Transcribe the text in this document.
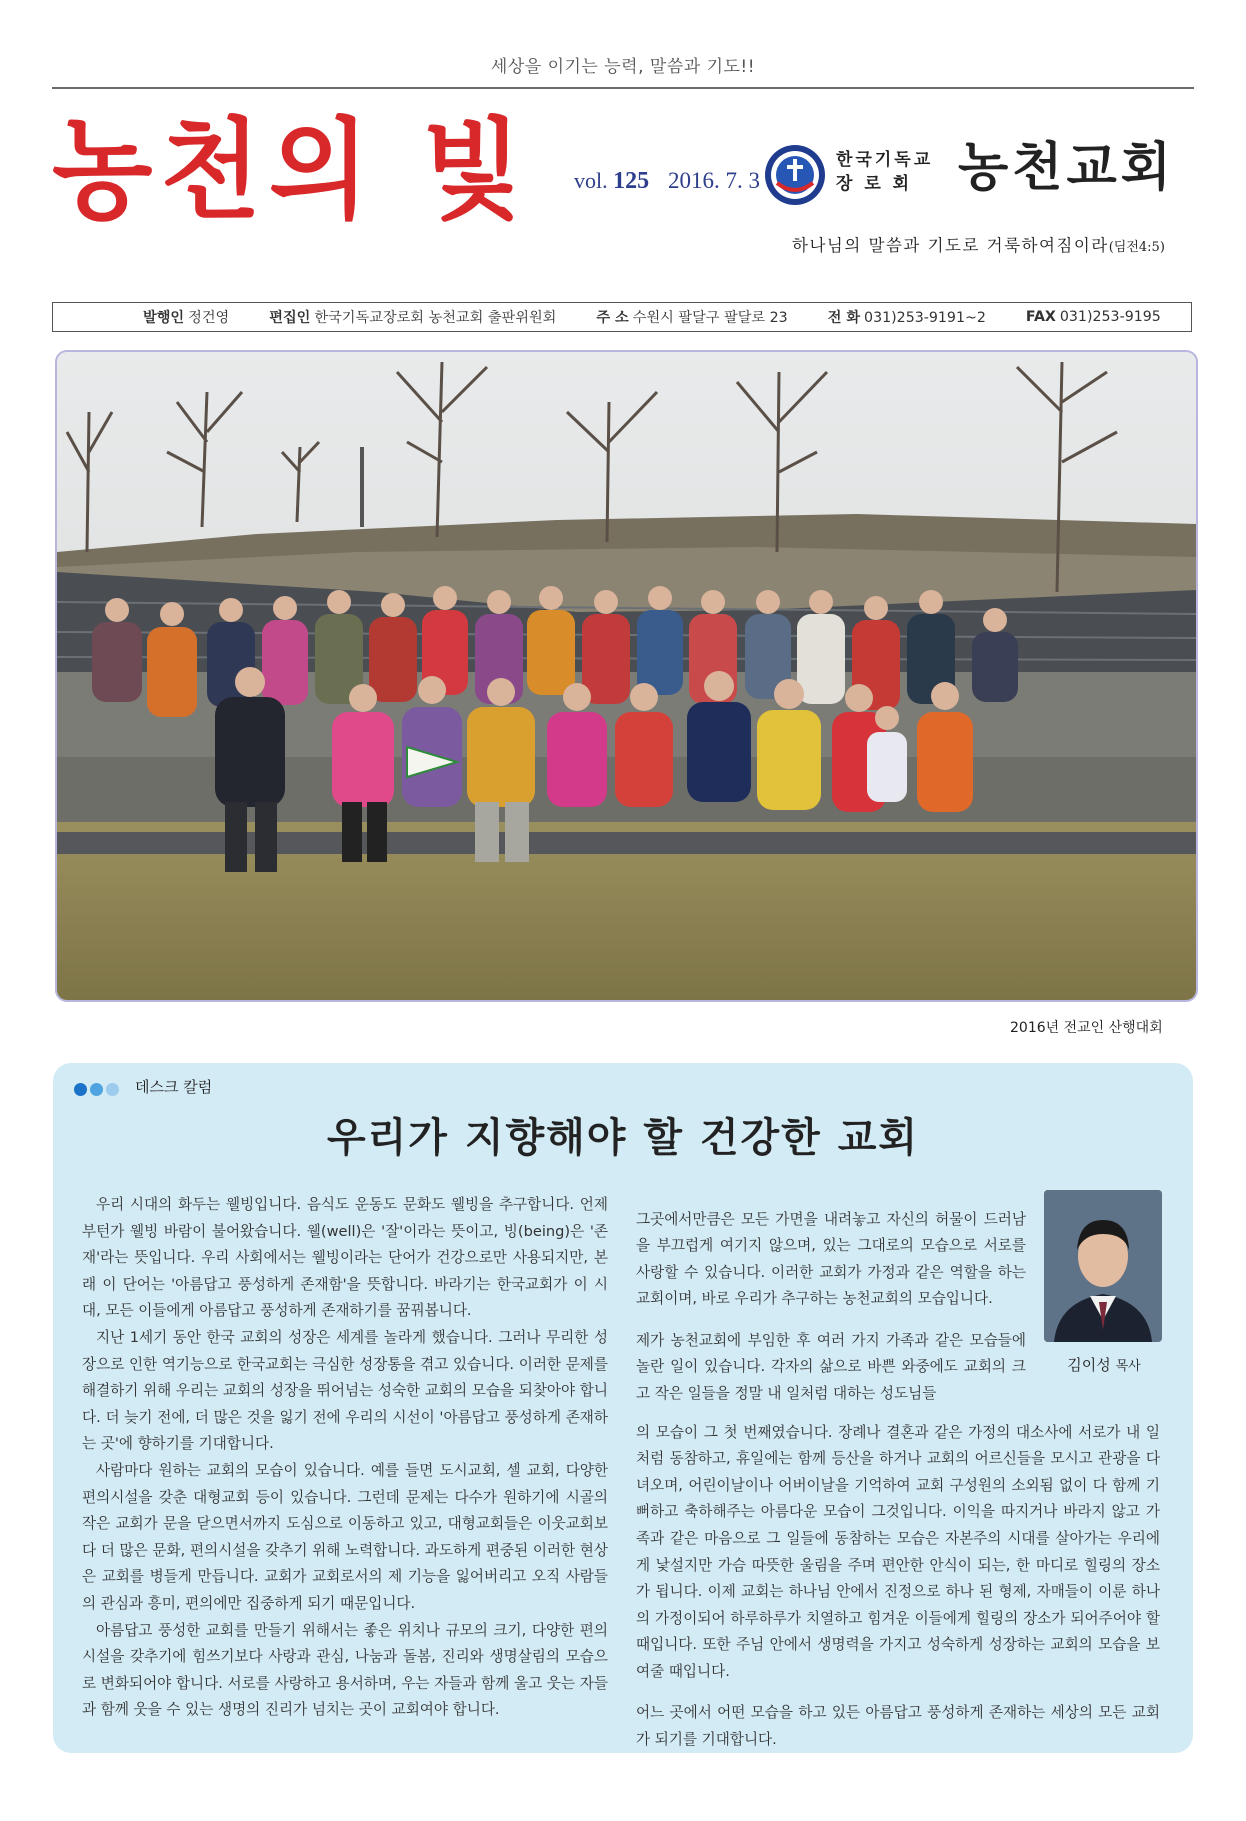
세상을 이기는 능력, 말씀과 기도!!
농천의 빛 vol. 125 2016. 7. 3
한국기독교
장 로 회 농천교회
하나님의 말씀과 기도로 거룩하여짐이라(딤전4:5)
발행인 정건영	편집인 한국기독교장로회 농천교회 출판위원회	주 소 수원시 팔달구 팔달로 23	전 화 031)253-9191~2	FAX 031)253-9195
2016년 전교인 산행대회
데스크 칼럼
우리가 지향해야 할 건강한 교회

우리 시대의 화두는 웰빙입니다. 음식도 운동도 문화도 웰빙을 추구합니다. 언제부턴가 웰빙 바람이 불어왔습니다. 웰(well)은 '잘'이라는 뜻이고, 빙(being)은 '존재'라는 뜻입니다. 우리 사회에서는 웰빙이라는 단어가 건강으로만 사용되지만, 본래 이 단어는 '아름답고 풍성하게 존재함'을 뜻합니다. 바라기는 한국교회가 이 시대, 모든 이들에게 아름답고 풍성하게 존재하기를 꿈꿔봅니다.

지난 1세기 동안 한국 교회의 성장은 세계를 놀라게 했습니다. 그러나 무리한 성장으로 인한 역기능으로 한국교회는 극심한 성장통을 겪고 있습니다. 이러한 문제를 해결하기 위해 우리는 교회의 성장을 뛰어넘는 성숙한 교회의 모습을 되찾아야 합니다. 더 늦기 전에, 더 많은 것을 잃기 전에 우리의 시선이 '아름답고 풍성하게 존재하는 곳'에 향하기를 기대합니다.

사람마다 원하는 교회의 모습이 있습니다. 예를 들면 도시교회, 셀 교회, 다양한 편의시설을 갖춘 대형교회 등이 있습니다. 그런데 문제는 다수가 원하기에 시골의 작은 교회가 문을 닫으면서까지 도심으로 이동하고 있고, 대형교회들은 이웃교회보다 더 많은 문화, 편의시설을 갖추기 위해 노력합니다. 과도하게 편중된 이러한 현상은 교회를 병들게 만듭니다. 교회가 교회로서의 제 기능을 잃어버리고 오직 사람들의 관심과 흥미, 편의에만 집중하게 되기 때문입니다.

아름답고 풍성한 교회를 만들기 위해서는 좋은 위치나 규모의 크기, 다양한 편의시설을 갖추기에 힘쓰기보다 사랑과 관심, 나눔과 돌봄, 진리와 생명살림의 모습으로 변화되어야 합니다. 서로를 사랑하고 용서하며, 우는 자들과 함께 울고 웃는 자들과 함께 웃을 수 있는 생명의 진리가 넘치는 곳이 교회여야 합니다.

그곳에서만큼은 모든 가면을 내려놓고 자신의 허물이 드러남을 부끄럽게 여기지 않으며, 있는 그대로의 모습으로 서로를 사랑할 수 있습니다. 이러한 교회가 가정과 같은 역할을 하는 교회이며, 바로 우리가 추구하는 농천교회의 모습입니다.

제가 농천교회에 부임한 후 여러 가지 가족과 같은 모습들에 놀란 일이 있습니다. 각자의 삶으로 바쁜 와중에도 교회의 크고 작은 일들을 정말 내 일처럼 대하는 성도님들

의 모습이 그 첫 번째였습니다. 장례나 결혼과 같은 가정의 대소사에 서로가 내 일처럼 동참하고, 휴일에는 함께 등산을 하거나 교회의 어르신들을 모시고 관광을 다녀오며, 어린이날이나 어버이날을 기억하여 교회 구성원의 소외됨 없이 다 함께 기뻐하고 축하해주는 아름다운 모습이 그것입니다. 이익을 따지거나 바라지 않고 가족과 같은 마음으로 그 일들에 동참하는 모습은 자본주의 시대를 살아가는 우리에게 낯설지만 가슴 따뜻한 울림을 주며 편안한 안식이 되는, 한 마디로 힐링의 장소가 됩니다. 이제 교회는 하나님 안에서 진정으로 하나 된 형제, 자매들이 이룬 하나의 가정이되어 하루하루가 치열하고 힘겨운 이들에게 힐링의 장소가 되어주어야 할 때입니다. 또한 주님 안에서 생명력을 가지고 성숙하게 성장하는 교회의 모습을 보여줄 때입니다.

어느 곳에서 어떤 모습을 하고 있든 아름답고 풍성하게 존재하는 세상의 모든 교회가 되기를 기대합니다.

김이성 목사
